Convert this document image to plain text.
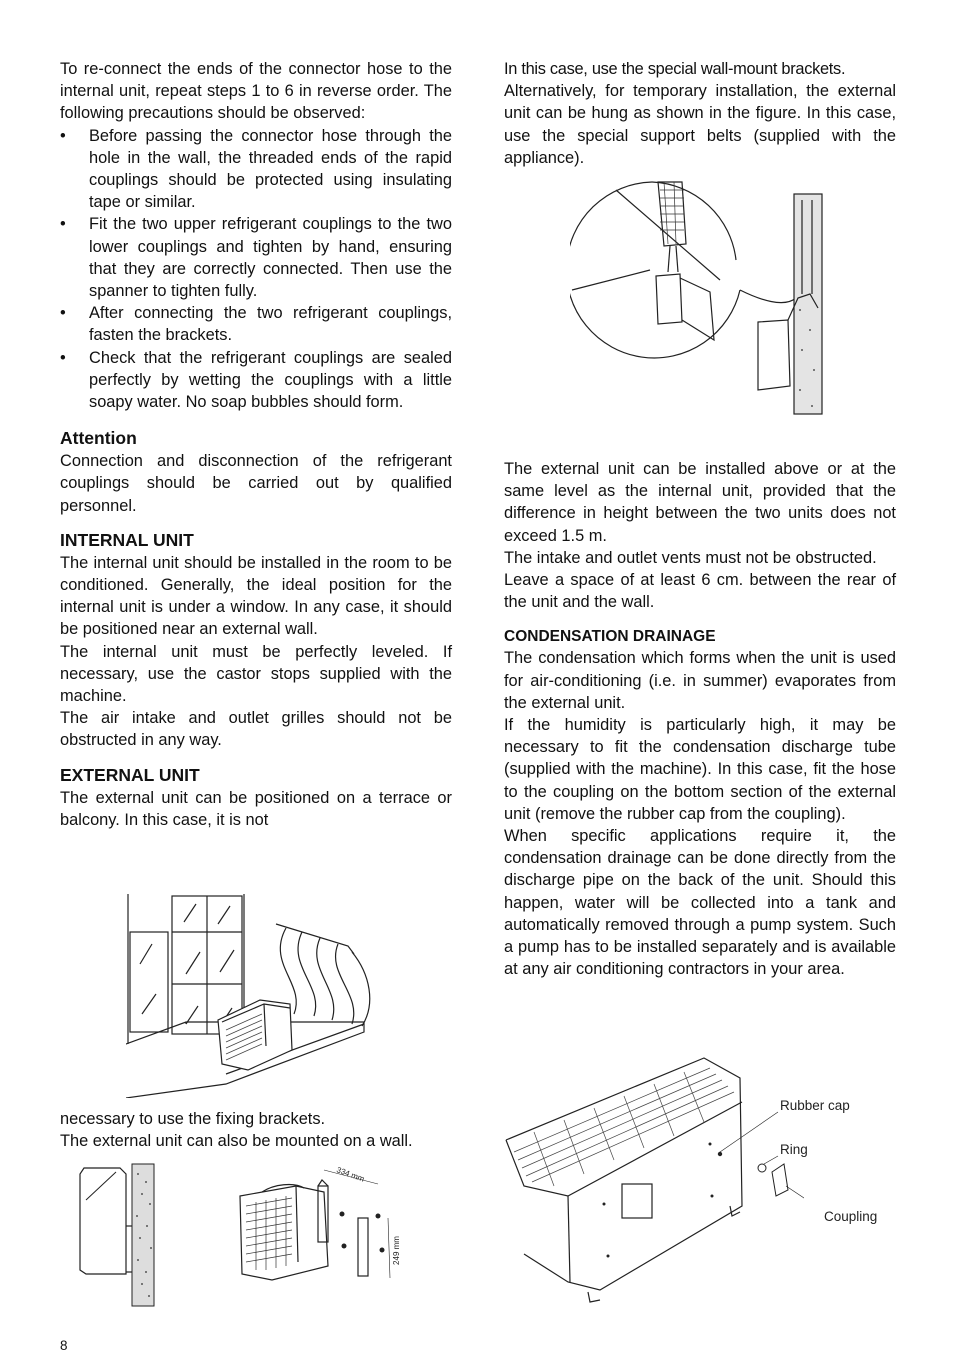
To re-connect the ends of the connector hose to the internal unit, repeat steps 1 to 6 in reverse order. The following precautions should be observed:

• Before passing the connector hose through the hole in the wall, the threaded ends of the rapid couplings should be protected using insulating tape or similar.
• Fit the two upper refrigerant couplings to the two lower couplings and tighten by hand, ensuring that they are correctly connected. Then use the spanner to tighten fully.
• After connecting the two refrigerant couplings, fasten the brackets.
• Check that the refrigerant couplings are sealed perfectly by wetting the couplings with a little soapy water. No soap bubbles should form.
Attention

Connection and disconnection of the refrigerant couplings should be carried out by qualified personnel.

INTERNAL UNIT

The internal unit should be installed in the room to be conditioned. Generally, the ideal position for the internal unit is under a window. In any case, it should be positioned near an external wall.

The internal unit must be perfectly leveled. If necessary, use the castor stops supplied with the machine.

The air intake and outlet grilles should not be obstructed in any way.

EXTERNAL UNIT

The external unit can be positioned on a terrace or balcony. In this case, it is not

necessary to use the fixing brackets.

The external unit can also be mounted on a wall.

334 mm
249 mm

In this case, use the special wall-mount brackets.

Alternatively, for temporary installation, the external unit can be hung as shown in the figure. In this case, use the special support belts (supplied with the appliance).

The external unit can be installed above or at the same level as the internal unit, provided that the difference in height between the two units does not exceed 1.5 m.

The intake and outlet vents must not be obstructed.

Leave a space of at least 6 cm. between the rear of the unit and the wall.

CONDENSATION DRAINAGE

The condensation which forms when the unit is used for air-conditioning (i.e. in summer) evaporates from the external unit.

If the humidity is particularly high, it may be necessary to fit the condensation discharge tube (supplied with the machine). In this case, fit the hose to the coupling on the bottom section of the external unit (remove the rubber cap from the coupling).

When specific applications require it, the condensation drainage can be done directly from the discharge pipe on the back of the unit. Should this happen, water will be collected into a tank and automatically removed through a pump system. Such a pump has to be installed separately and is available at any air conditioning contractors in your area.

Rubber cap
Ring
Coupling
8
